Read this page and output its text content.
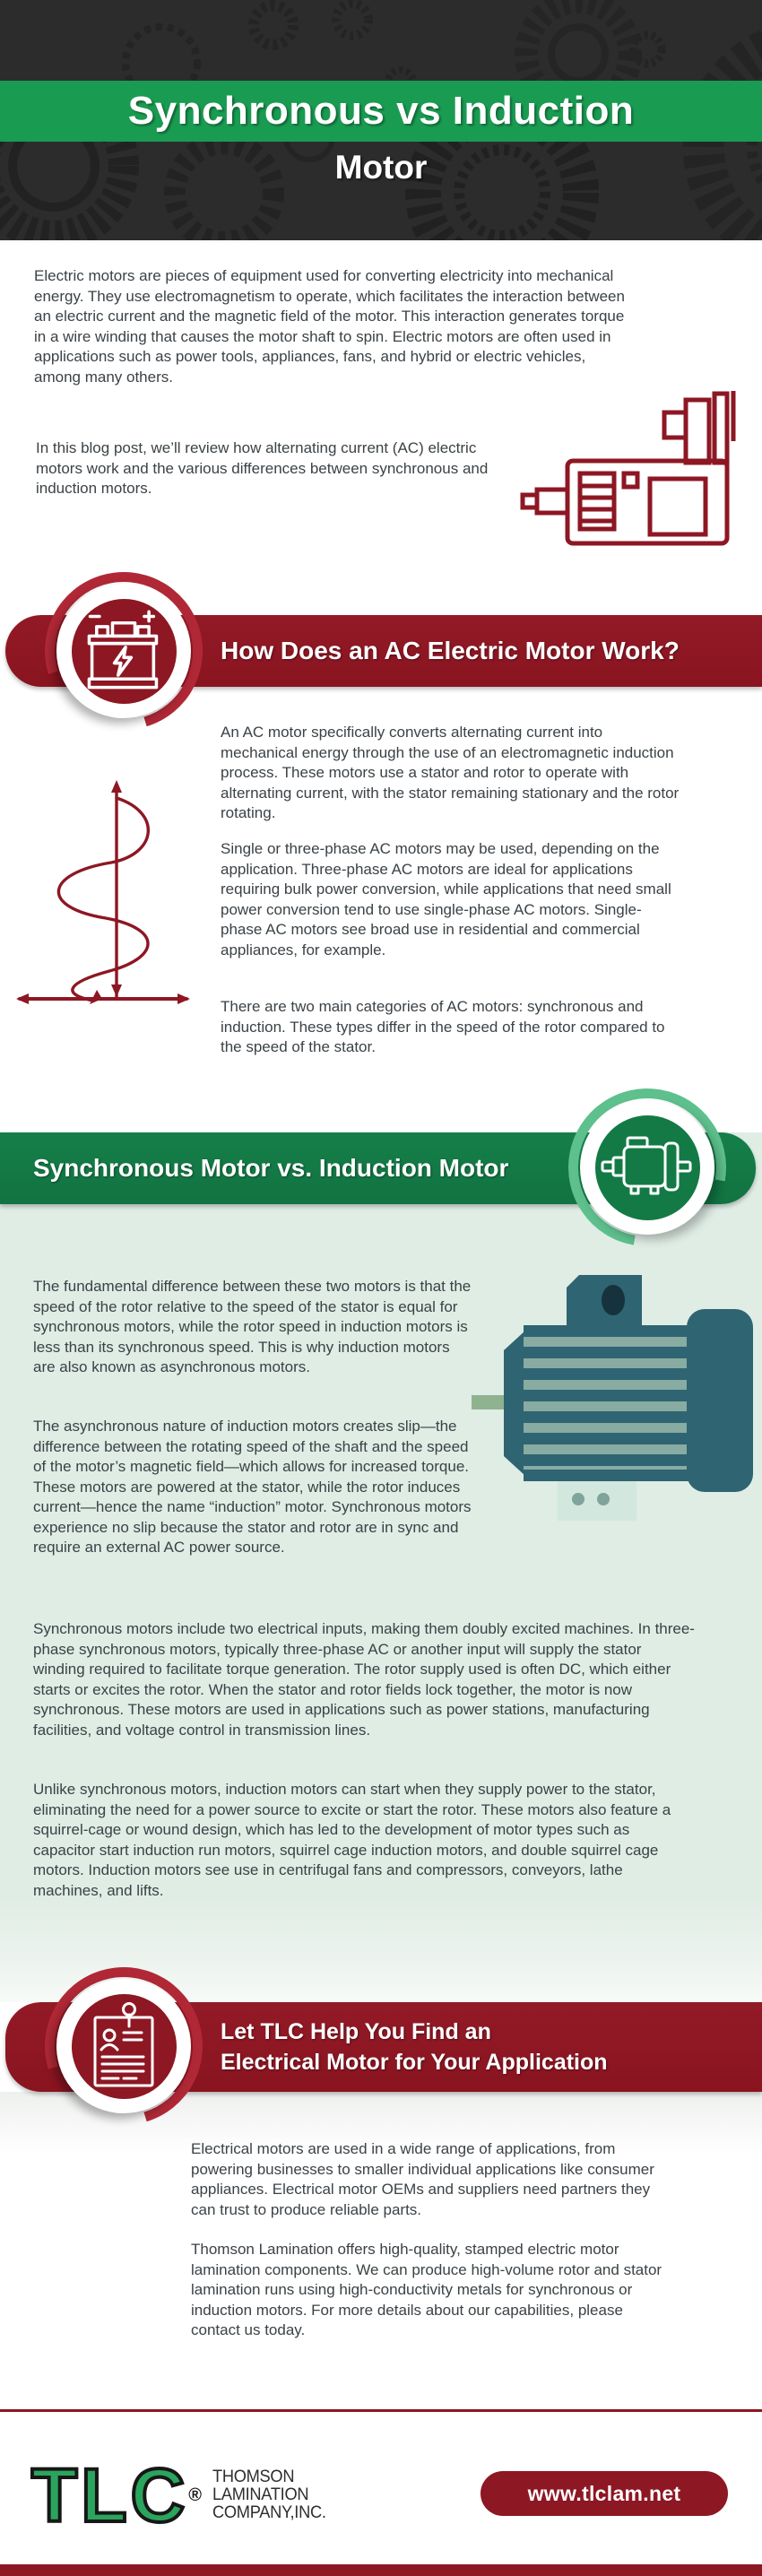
Synchronous vs Induction
Motor
Electric motors are pieces of equipment used for converting electricity into mechanical energy. They use electromagnetism to operate, which facilitates the interaction between an electric current and the magnetic field of the motor. This interaction generates torque in a wire winding that causes the motor shaft to spin. Electric motors are often used in applications such as power tools, appliances, fans, and hybrid or electric vehicles, among many others.
In this blog post, we’ll review how alternating current (AC) electric motors work and the various differences between synchronous and induction motors.
How Does an AC Electric Motor Work?
An AC motor specifically converts alternating current into mechanical energy through the use of an electromagnetic induction process. These motors use a stator and rotor to operate with alternating current, with the stator remaining stationary and the rotor rotating.
Single or three-phase AC motors may be used, depending on the application. Three-phase AC motors are ideal for applications requiring bulk power conversion, while applications that need small power conversion tend to use single-phase AC motors. Single-phase AC motors see broad use in residential and commercial appliances, for example.
There are two main categories of AC motors: synchronous and induction. These types differ in the speed of the rotor compared to the speed of the stator.
Synchronous Motor vs. Induction Motor
The fundamental difference between these two motors is that the speed of the rotor relative to the speed of the stator is equal for synchronous motors, while the rotor speed in induction motors is less than its synchronous speed. This is why induction motors are also known as asynchronous motors.
The asynchronous nature of induction motors creates slip—the difference between the rotating speed of the shaft and the speed of the motor’s magnetic field—which allows for increased torque. These motors are powered at the stator, while the rotor induces current—hence the name “induction” motor. Synchronous motors experience no slip because the stator and rotor are in sync and require an external AC power source.
Synchronous motors include two electrical inputs, making them doubly excited machines. In three-phase synchronous motors, typically three-phase AC or another input will supply the stator winding required to facilitate torque generation. The rotor supply used is often DC, which either starts or excites the rotor. When the stator and rotor fields lock together, the motor is now synchronous. These motors are used in applications such as power stations, manufacturing facilities, and voltage control in transmission lines.
Unlike synchronous motors, induction motors can start when they supply power to the stator, eliminating the need for a power source to excite or start the rotor. These motors also feature a squirrel-cage or wound design, which has led to the development of motor types such as capacitor start induction run motors, squirrel cage induction motors, and double squirrel cage motors. Induction motors see use in centrifugal fans and compressors, conveyors, lathe machines, and lifts.
Let TLC Help You Find an
Electrical Motor for Your Application
Electrical motors are used in a wide range of applications, from powering businesses to smaller individual applications like consumer appliances. Electrical motor OEMs and suppliers need partners they can trust to produce reliable parts.
Thomson Lamination offers high-quality, stamped electric motor lamination components. We can produce high-volume rotor and stator lamination runs using high-conductivity metals for synchronous or induction motors. For more details about our capabilities, please contact us today.
TLC®
THOMSON
LAMINATION
COMPANY,INC.
www.tlclam.net
